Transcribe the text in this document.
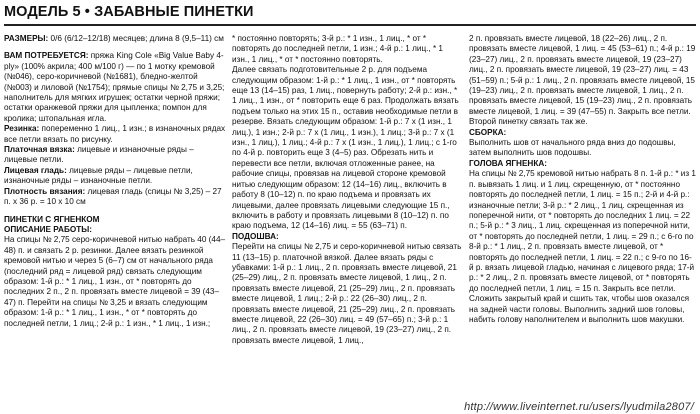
МОДЕЛЬ 5 • ЗАБАВНЫЕ ПИНЕТКИ

РАЗМЕРЫ: 0/6 (6/12–12/18) месяцев; длина 8 (9,5–11) см

ВАМ ПОТРЕБУЕТСЯ: пряжа King Cole «Big Value Baby 4-ply» (100% акрила; 400 м/100 г) — по 1 мотку кремовой (№046), серо-коричневой (№1681), бледно-желтой (№003) и лиловой (№1754); прямые спицы № 2,75 и 3,25; наполнитель для мягких игрушек; остатки черной пряжи; остатки оранжевой пряжи для цыпленка; помпон для кролика; штопальная игла.

Резинка: попеременно 1 лиц., 1 изн.; в изнаночных рядах все петли вязать по рисунку.

Платочная вязка: лицевые и изнаночные ряды – лицевые петли.

Лицевая гладь: лицевые ряды – лицевые петли, изнаночные ряды – изнаночные петли.

Плотность вязания: лицевая гладь (спицы № 3,25) – 27 п. х 36 р. = 10 х 10 см

ПИНЕТКИ С ЯГНЕНКОМ

ОПИСАНИЕ РАБОТЫ:

На спицы № 2,75 серо-коричневой нитью набрать 40 (44–48) п. и связать 2 р. резинки. Далее вязать резинкой кремовой нитью и через 5 (6–7) см от начального ряда (последний ряд = лицевой ряд) связать следующим образом: 1-й р.: * 1 лиц., 1 изн., от * повторять до последних 2 п., 2 п. провязать вместе лицевой = 39 (43–47) п. Перейти на спицы № 3,25 и вязать следующим образом: 1-й р.: * 1 лиц., 1 изн., * от * повторять до последней петли, 1 лиц.; 2-й р.: 1 изн., * 1 лиц., 1 изн.;

* постоянно повторять; 3-й р.: * 1 изн., 1 лиц., * от * повторять до последней петли, 1 изн.; 4-й р.: 1 лиц., * 1 изн., 1 лиц., * от * постоянно повторять.

Далее связать подготовительные 2 р. для подъема следующим образом: 1-й р.: * 1 лиц., 1 изн., от * повторять еще 13 (14–15) раз, 1 лиц., повернуть работу; 2-й р.: изн., * 1 лиц., 1 изн., от * повторить еще 6 раз. Продолжать вязать подъем только на этих 15 п., оставив необходимые петли в резерве. Вязать следующим образом: 1-й р.: 7 х (1 изн., 1 лиц.), 1 изн.; 2-й р.: 7 х (1 лиц., 1 изн.), 1 лиц.; 3-й р.: 7 х (1 изн., 1 лиц.), 1 лиц.; 4-й р.: 7 х (1 изн., 1 лиц.), 1 лиц.; с 1-го по 4-й р. повторить еще 3 (4–5) раз. Обрезать нить и перевести все петли, включая отложенные ранее, на рабочие спицы, провязав на лицевой стороне кремовой нитью следующим образом: 12 (14–16) лиц., включить в работу 8 (10–12) п. по краю подъема и провязать их лицевыми, далее провязать лицевыми следующие 15 п., включить в работу и провязать лицевыми 8 (10–12) п. по краю подъема, 12 (14–16) лиц. = 55 (63–71) п.

ПОДОШВА:

Перейти на спицы № 2,75 и серо-коричневой нитью связать 11 (13–15) р. платочной вязкой. Далее вязать ряды с убавками: 1-й р.: 1 лиц., 2 п. провязать вместе лицевой, 21 (25–29) лиц., 2 п. провязать вместе лицевой, 1 лиц., 2 п. провязать вместе лицевой, 21 (25–29) лиц., 2 п. провязать вместе лицевой, 1 лиц.; 2-й р.: 22 (26–30) лиц., 2 п. провязать вместе лицевой, 21 (25–29) лиц., 2 п. провязать вместе лицевой, 22 (26–30) лиц. = 49 (57–65) п.; 3-й р.: 1 лиц., 2 п. провязать вместе лицевой, 19 (23–27) лиц., 2 п. провязать вместе лицевой, 1 лиц.,

2 п. провязать вместе лицевой, 18 (22–26) лиц., 2 п. провязать вместе лицевой, 1 лиц. = 45 (53–61) п.; 4-й р.: 19 (23–27) лиц., 2 п. провязать вместе лицевой, 19 (23–27) лиц., 2 п. провязать вместе лицевой, 19 (23–27) лиц. = 43 (51–59) п.; 5-й р.: 1 лиц., 2 п. провязать вместе лицевой, 15 (19–23) лиц., 2 п. провязать вместе лицевой, 1 лиц., 2 п. провязать вместе лицевой, 15 (19–23) лиц., 2 п. провязать вместе лицевой, 1 лиц. = 39 (47–55) п. Закрыть все петли. Второй пинетку связать так же.

СБОРКА:

Выполнить шов от начального ряда вниз до подошвы, затем выполнить шов подошвы.

ГОЛОВА ЯГНЕНКА:

На спицы № 2,75 кремовой нитью набрать 8 п. 1-й р.: * из 1 п. вывязать 1 лиц. и 1 лиц. скрещенную, от * постоянно повторять до последней петли, 1 лиц. = 15 п.; 2-й и 4-й р.: изнаночные петли; 3-й р.: * 2 лиц., 1 лиц. скрещенная из поперечной нити, от * повторять до последних 1 лиц. = 22 п.; 5-й р.: * 3 лиц., 1 лиц. скрещенная из поперечной нити, от * повторять до последней петли, 1 лиц. = 29 п.; с 6-го по 8-й р.: * 1 лиц., 2 п. провязать вместе лицевой, от * повторять до последней петли, 1 лиц. = 22 п.; с 9-го по 16-й р. вязать лицевой гладью, начиная с лицевого ряда; 17-й р.: * 2 лиц., 2 п. провязать вместе лицевой, от * повторять до последней петли, 1 лиц. = 15 п. Закрыть все петли. Сложить закрытый край и сшить так, чтобы шов оказался на задней части головы. Выполнить задний шов головы, набить голову наполнителем и выполнить шов макушки.

http://www.liveinternet.ru/users/lyudmila2807/
